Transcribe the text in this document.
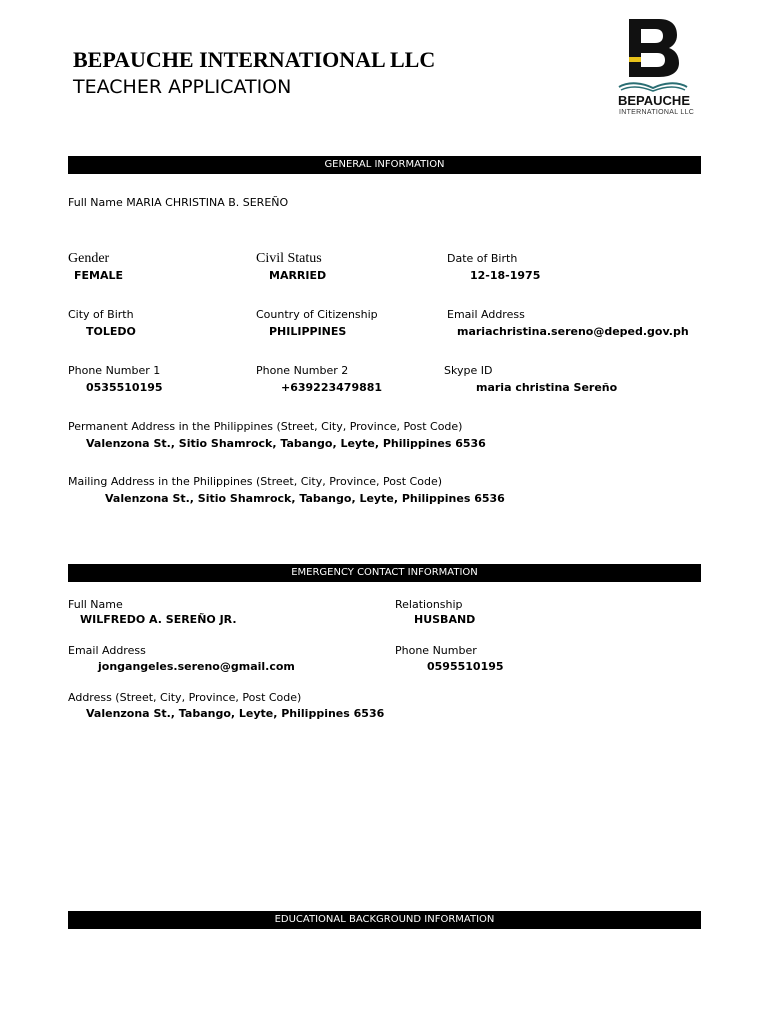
BEPAUCHE INTERNATIONAL LLC
TEACHER APPLICATION
BEPAUCHE
INTERNATIONAL LLC
GENERAL INFORMATION
Full Name MARIA CHRISTINA B. SEREÑO
Gender
FEMALE
Civil Status
MARRIED
Date of Birth
12-18-1975
City of Birth
TOLEDO
Country of Citizenship
PHILIPPINES
Email Address
mariachristina.sereno@deped.gov.ph
Phone Number 1
0535510195
Phone Number 2
+639223479881
Skype ID
maria christina Sereño
Permanent Address in the Philippines (Street, City, Province, Post Code)
Valenzona St., Sitio Shamrock, Tabango, Leyte, Philippines 6536
Mailing Address in the Philippines (Street, City, Province, Post Code)
Valenzona St., Sitio Shamrock, Tabango, Leyte, Philippines 6536
EMERGENCY CONTACT INFORMATION
Full Name
WILFREDO A. SEREÑO JR.
Relationship
HUSBAND
Email Address
jongangeles.sereno@gmail.com
Phone Number
0595510195
Address (Street, City, Province, Post Code)
Valenzona St., Tabango, Leyte, Philippines 6536
EDUCATIONAL BACKGROUND INFORMATION
